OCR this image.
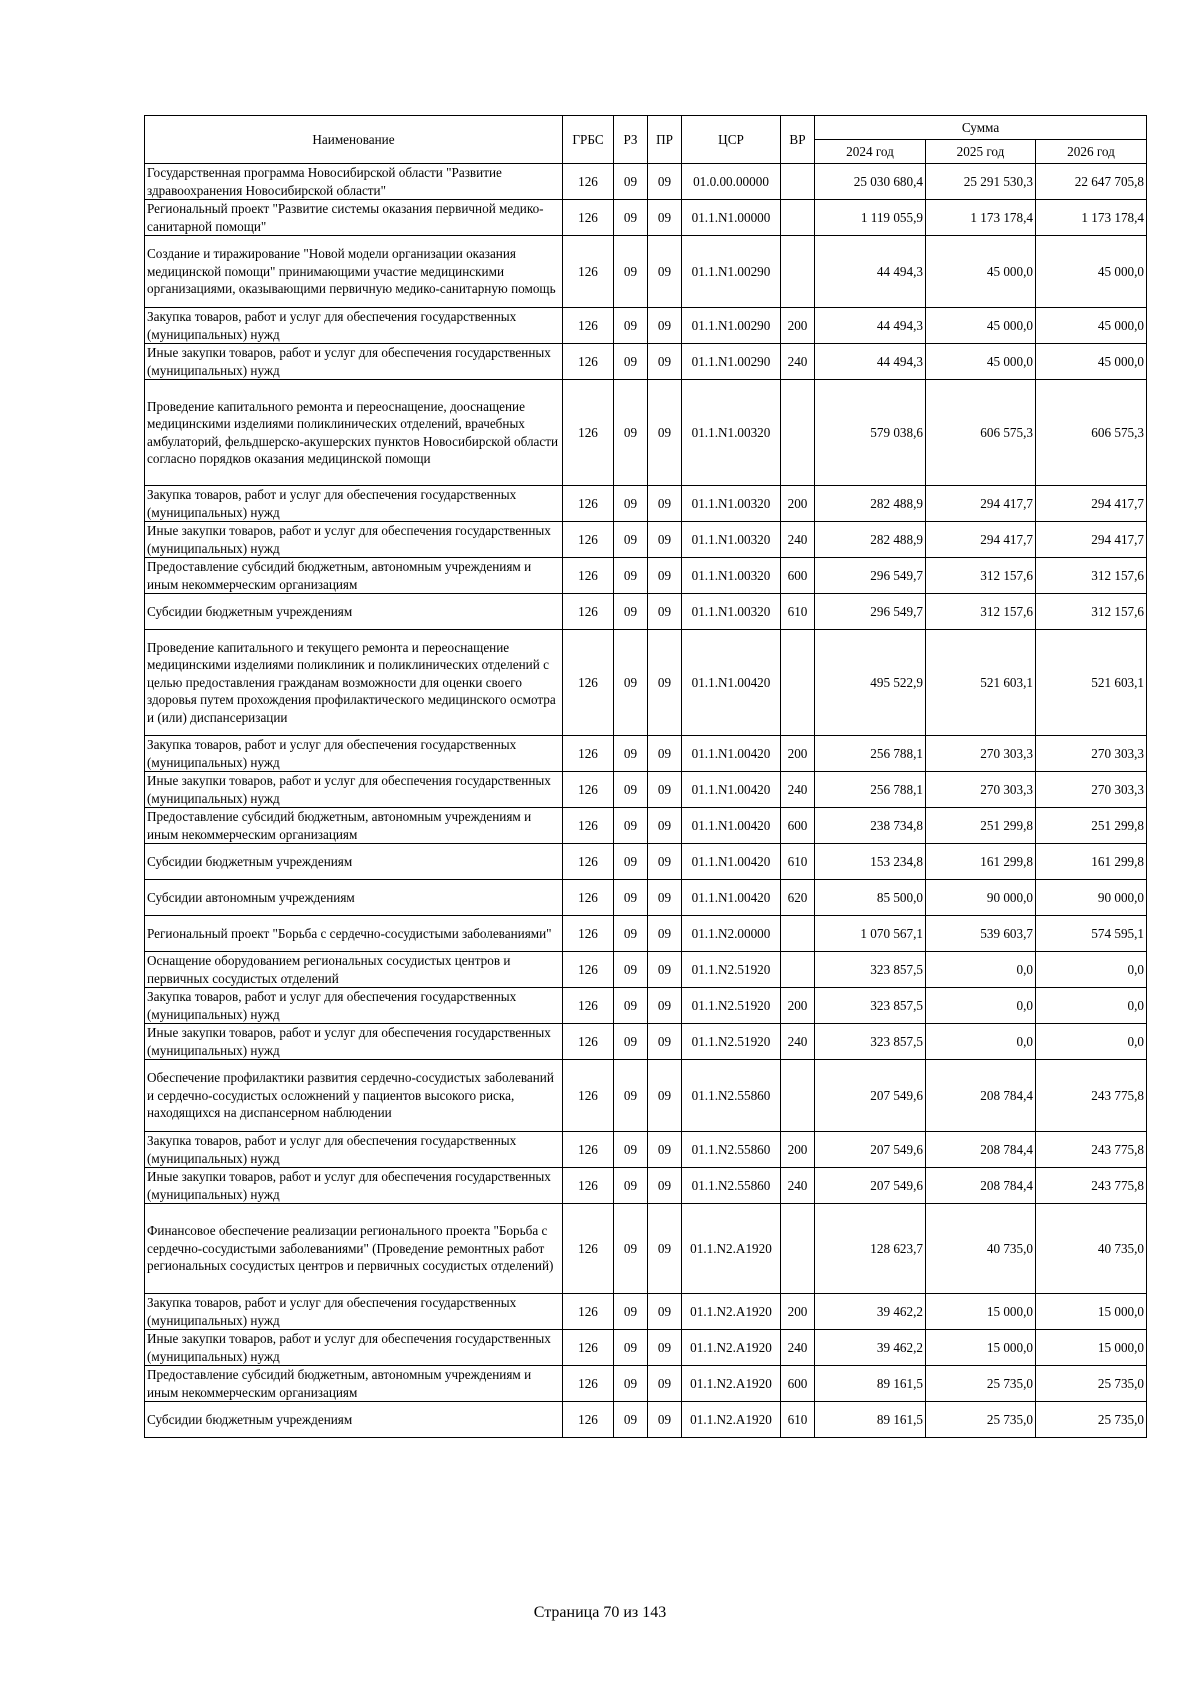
Наименование	ГРБС	РЗ	ПР	ЦСР	ВР	Сумма		
						2024 год	2025 год	2026 год
Государственная программа Новосибирской области "Развитие здравоохранения Новосибирской области"	126	09	09	01.0.00.00000		25 030 680,4	25 291 530,3	22 647 705,8
Региональный проект "Развитие системы оказания первичной медико-санитарной помощи"	126	09	09	01.1.N1.00000		1 119 055,9	1 173 178,4	1 173 178,4
Создание и тиражирование "Новой модели организации оказания медицинской помощи" принимающими участие медицинскими организациями, оказывающими первичную медико-санитарную помощь	126	09	09	01.1.N1.00290		44 494,3	45 000,0	45 000,0
Закупка товаров, работ и услуг для обеспечения государственных (муниципальных) нужд	126	09	09	01.1.N1.00290	200	44 494,3	45 000,0	45 000,0
Иные закупки товаров, работ и услуг для обеспечения государственных (муниципальных) нужд	126	09	09	01.1.N1.00290	240	44 494,3	45 000,0	45 000,0
Проведение капитального ремонта и переоснащение, дооснащение медицинскими изделиями поликлинических отделений, врачебных амбулаторий, фельдшерско-акушерских пунктов Новосибирской области согласно порядков оказания медицинской помощи	126	09	09	01.1.N1.00320		579 038,6	606 575,3	606 575,3
Закупка товаров, работ и услуг для обеспечения государственных (муниципальных) нужд	126	09	09	01.1.N1.00320	200	282 488,9	294 417,7	294 417,7
Иные закупки товаров, работ и услуг для обеспечения государственных (муниципальных) нужд	126	09	09	01.1.N1.00320	240	282 488,9	294 417,7	294 417,7
Предоставление субсидий бюджетным, автономным учреждениям и иным некоммерческим организациям	126	09	09	01.1.N1.00320	600	296 549,7	312 157,6	312 157,6
Субсидии бюджетным учреждениям	126	09	09	01.1.N1.00320	610	296 549,7	312 157,6	312 157,6
Проведение капитального и текущего ремонта и переоснащение медицинскими изделиями поликлиник и поликлинических отделений с целью предоставления гражданам возможности для оценки своего здоровья путем прохождения профилактического медицинского осмотра и (или) диспансеризации	126	09	09	01.1.N1.00420		495 522,9	521 603,1	521 603,1
Закупка товаров, работ и услуг для обеспечения государственных (муниципальных) нужд	126	09	09	01.1.N1.00420	200	256 788,1	270 303,3	270 303,3
Иные закупки товаров, работ и услуг для обеспечения государственных (муниципальных) нужд	126	09	09	01.1.N1.00420	240	256 788,1	270 303,3	270 303,3
Предоставление субсидий бюджетным, автономным учреждениям и иным некоммерческим организациям	126	09	09	01.1.N1.00420	600	238 734,8	251 299,8	251 299,8
Субсидии бюджетным учреждениям	126	09	09	01.1.N1.00420	610	153 234,8	161 299,8	161 299,8
Субсидии автономным учреждениям	126	09	09	01.1.N1.00420	620	85 500,0	90 000,0	90 000,0
Региональный проект "Борьба с сердечно-сосудистыми заболеваниями"	126	09	09	01.1.N2.00000		1 070 567,1	539 603,7	574 595,1
Оснащение оборудованием региональных сосудистых центров и первичных сосудистых отделений	126	09	09	01.1.N2.51920		323 857,5	0,0	0,0
Закупка товаров, работ и услуг для обеспечения государственных (муниципальных) нужд	126	09	09	01.1.N2.51920	200	323 857,5	0,0	0,0
Иные закупки товаров, работ и услуг для обеспечения государственных (муниципальных) нужд	126	09	09	01.1.N2.51920	240	323 857,5	0,0	0,0
Обеспечение профилактики развития сердечно-сосудистых заболеваний и сердечно-сосудистых осложнений у пациентов высокого риска, находящихся на диспансерном наблюдении	126	09	09	01.1.N2.55860		207 549,6	208 784,4	243 775,8
Закупка товаров, работ и услуг для обеспечения государственных (муниципальных) нужд	126	09	09	01.1.N2.55860	200	207 549,6	208 784,4	243 775,8
Иные закупки товаров, работ и услуг для обеспечения государственных (муниципальных) нужд	126	09	09	01.1.N2.55860	240	207 549,6	208 784,4	243 775,8
Финансовое обеспечение реализации регионального проекта "Борьба с сердечно-сосудистыми заболеваниями" (Проведение ремонтных работ региональных сосудистых центров и первичных сосудистых отделений)	126	09	09	01.1.N2.А1920		128 623,7	40 735,0	40 735,0
Закупка товаров, работ и услуг для обеспечения государственных (муниципальных) нужд	126	09	09	01.1.N2.А1920	200	39 462,2	15 000,0	15 000,0
Иные закупки товаров, работ и услуг для обеспечения государственных (муниципальных) нужд	126	09	09	01.1.N2.А1920	240	39 462,2	15 000,0	15 000,0
Предоставление субсидий бюджетным, автономным учреждениям и иным некоммерческим организациям	126	09	09	01.1.N2.А1920	600	89 161,5	25 735,0	25 735,0
Субсидии бюджетным учреждениям	126	09	09	01.1.N2.А1920	610	89 161,5	25 735,0	25 735,0
Страница 70 из 143
